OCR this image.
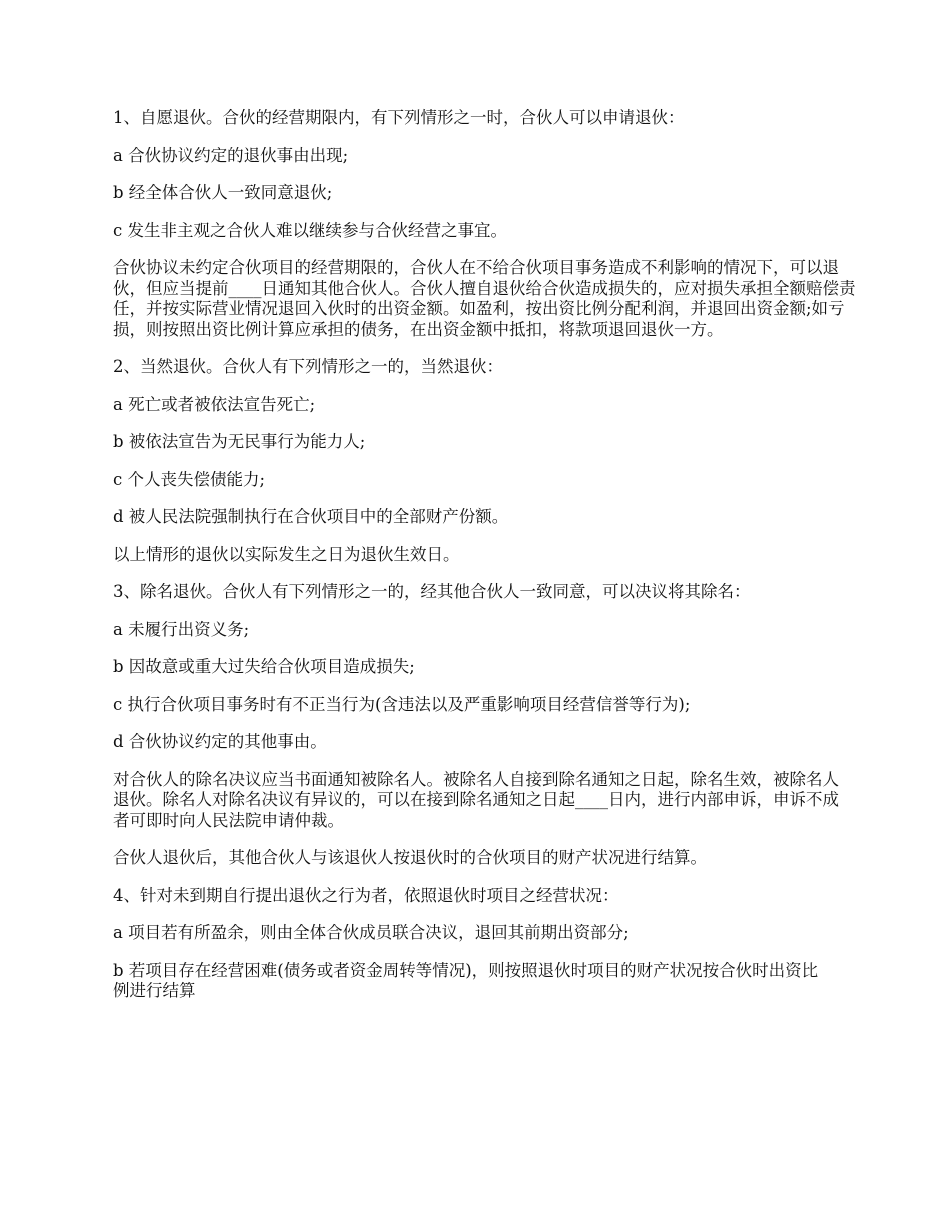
1、自愿退伙。合伙的经营期限内，有下列情形之一时，合伙人可以申请退伙：

a 合伙协议约定的退伙事由出现;

b 经全体合伙人一致同意退伙;

c 发生非主观之合伙人难以继续参与合伙经营之事宜。

合伙协议未约定合伙项目的经营期限的，合伙人在不给合伙项目事务造成不利影响的情况下，可以退伙，但应当提前____日通知其他合伙人。合伙人擅自退伙给合伙造成损失的，应对损失承担全额赔偿责任，并按实际营业情况退回入伙时的出资金额。如盈利，按出资比例分配利润，并退回出资金额;如亏损，则按照出资比例计算应承担的债务，在出资金额中抵扣，将款项退回退伙一方。

2、当然退伙。合伙人有下列情形之一的，当然退伙：

a 死亡或者被依法宣告死亡;

b 被依法宣告为无民事行为能力人;

c 个人丧失偿债能力;

d 被人民法院强制执行在合伙项目中的全部财产份额。

以上情形的退伙以实际发生之日为退伙生效日。

3、除名退伙。合伙人有下列情形之一的，经其他合伙人一致同意，可以决议将其除名：

a 未履行出资义务;

b 因故意或重大过失给合伙项目造成损失;

c 执行合伙项目事务时有不正当行为(含违法以及严重影响项目经营信誉等行为);

d 合伙协议约定的其他事由。

对合伙人的除名决议应当书面通知被除名人。被除名人自接到除名通知之日起，除名生效，被除名人退伙。除名人对除名决议有异议的，可以在接到除名通知之日起____日内，进行内部申诉，申诉不成者可即时向人民法院申请仲裁。

合伙人退伙后，其他合伙人与该退伙人按退伙时的合伙项目的财产状况进行结算。

4、针对未到期自行提出退伙之行为者，依照退伙时项目之经营状况：

a 项目若有所盈余，则由全体合伙成员联合决议，退回其前期出资部分;

b 若项目存在经营困难(债务或者资金周转等情况)，则按照退伙时项目的财产状况按合伙时出资比例进行结算
